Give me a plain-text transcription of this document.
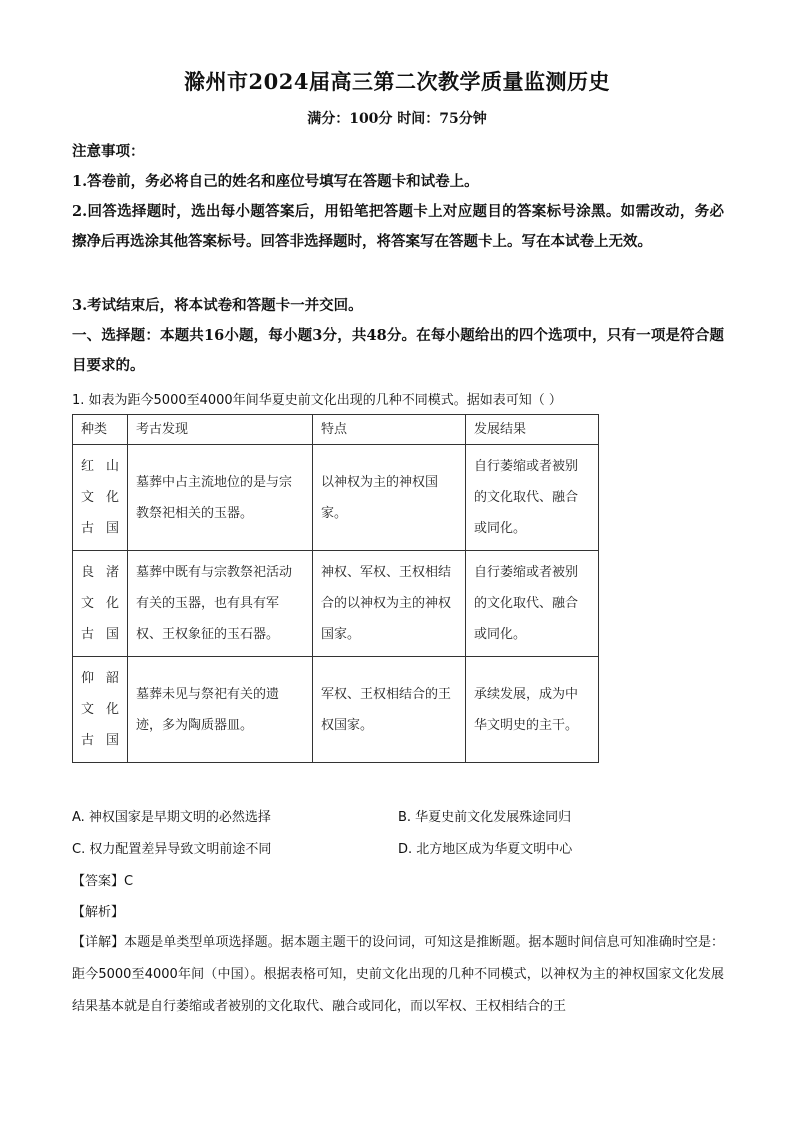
滁州市2024届高三第二次教学质量监测历史
满分：100分 时间：75分钟
注意事项：
1.答卷前，务必将自己的姓名和座位号填写在答题卡和试卷上。
2.回答选择题时，选出每小题答案后，用铅笔把答题卡上对应题目的答案标号涂黑。如需改动，务必擦净后再选涂其他答案标号。回答非选择题时，将答案写在答题卡上。写在本试卷上无效。
3.考试结束后，将本试卷和答题卡一并交回。
一、选择题：本题共16小题，每小题3分，共48分。在每小题给出的四个选项中，只有一项是符合题目要求的。
1. 如表为距今5000至4000年间华夏史前文化出现的几种不同模式。据如表可知（ ）
种类	考古发现	特点	发展结果
红山文化古国	墓葬中占主流地位的是与宗教祭祀相关的玉器。	以神权为主的神权国家。	自行萎缩或者被别的文化取代、融合或同化。
良渚文化古国	墓葬中既有与宗教祭祀活动有关的玉器，也有具有军权、王权象征的玉石器。	神权、军权、王权相结合的以神权为主的神权国家。	自行萎缩或者被别的文化取代、融合或同化。
仰韶文化古国	墓葬未见与祭祀有关的遗迹，多为陶质器皿。	军权、王权相结合的王权国家。	承续发展，成为中华文明史的主干。
A. 神权国家是早期文明的必然选择	B. 华夏史前文化发展殊途同归
C. 权力配置差异导致文明前途不同	D. 北方地区成为华夏文明中心
【答案】C
【解析】
【详解】本题是单类型单项选择题。据本题主题干的设问词，可知这是推断题。据本题时间信息可知准确时空是：距今5000至4000年间（中国）。根据表格可知，史前文化出现的几种不同模式，以神权为主的神权国家文化发展结果基本就是自行萎缩或者被别的文化取代、融合或同化，而以军权、王权相结合的王
